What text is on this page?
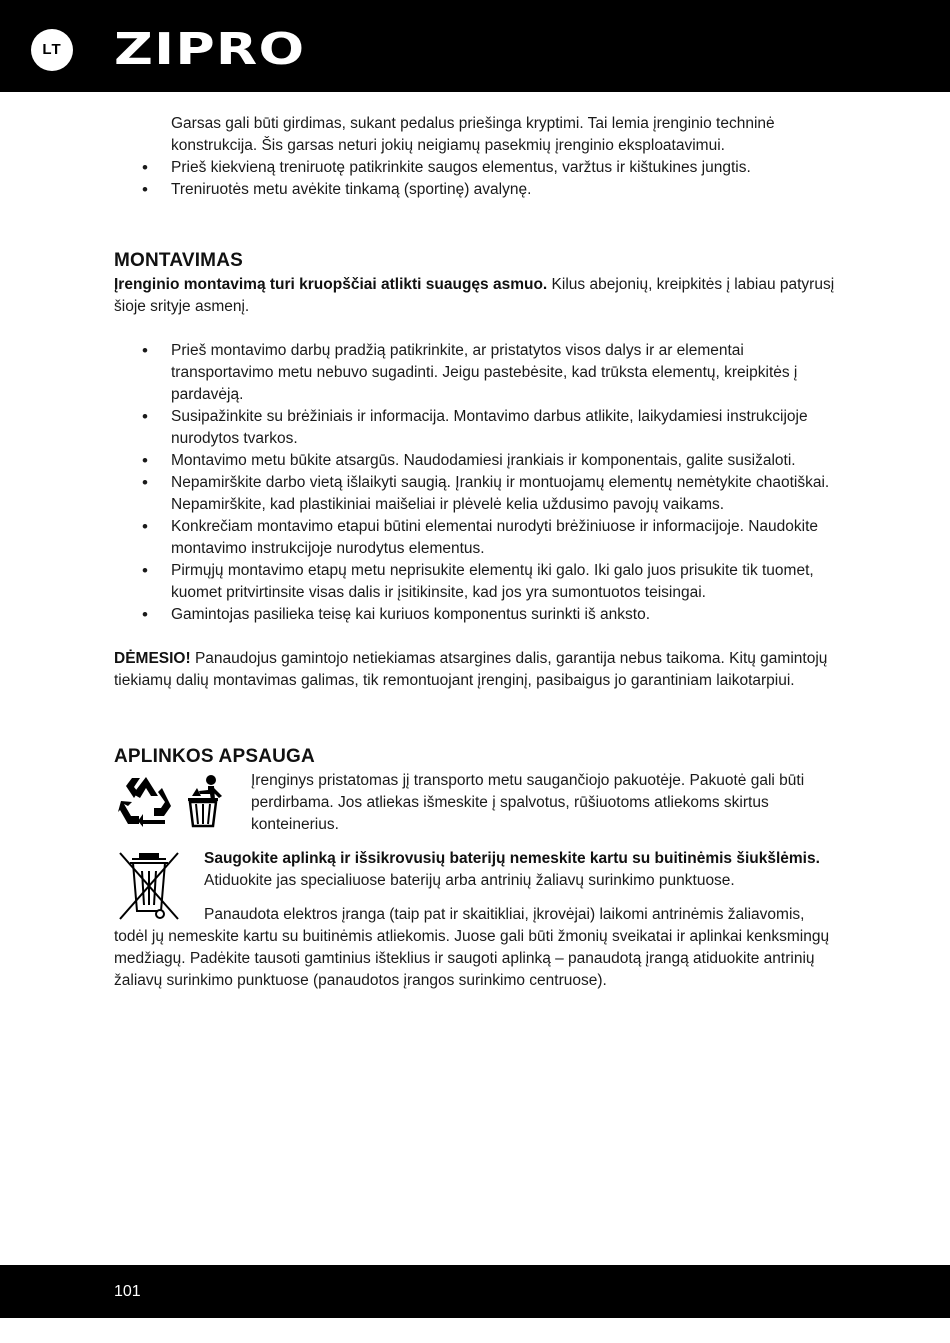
LT ZIPRO

Garsas gali būti girdimas, sukant pedalus priešinga kryptimi. Tai lemia įrenginio techninė konstrukcija. Šis garsas neturi jokių neigiamų pasekmių įrenginio eksploatavimui.

• Prieš kiekvieną treniruotę patikrinkite saugos elementus, varžtus ir kištukines jungtis.
• Treniruotės metu avėkite tinkamą (sportinę) avalynę.
MONTAVIMAS

Įrenginio montavimą turi kruopščiai atlikti suaugęs asmuo. Kilus abejonių, kreipkitės į labiau patyrusį šioje srityje asmenį.

• Prieš montavimo darbų pradžią patikrinkite, ar pristatytos visos dalys ir ar elementai transportavimo metu nebuvo sugadinti. Jeigu pastebėsite, kad trūksta elementų, kreipkitės į pardavėją.
• Susipažinkite su brėžiniais ir informacija. Montavimo darbus atlikite, laikydamiesi instrukcijoje nurodytos tvarkos.
• Montavimo metu būkite atsargūs. Naudodamiesi įrankiais ir komponentais, galite susižaloti.
• Nepamirškite darbo vietą išlaikyti saugią. Įrankių ir montuojamų elementų nemėtykite chaotiškai. Nepamirškite, kad plastikiniai maišeliai ir plėvelė kelia uždusimo pavojų vaikams.
• Konkrečiam montavimo etapui būtini elementai nurodyti brėžiniuose ir informacijoje. Naudokite montavimo instrukcijoje nurodytus elementus.
• Pirmųjų montavimo etapų metu neprisukite elementų iki galo. Iki galo juos prisukite tik tuomet, kuomet pritvirtinsite visas dalis ir įsitikinsite, kad jos yra sumontuotos teisingai.
• Gamintojas pasilieka teisę kai kuriuos komponentus surinkti iš anksto.

DĖMESIO! Panaudojus gamintojo netiekiamas atsargines dalis, garantija nebus taikoma. Kitų gamintojų tiekiamų dalių montavimas galimas, tik remontuojant įrenginį, pasibaigus jo garantiniam laikotarpiui.

APLINKOS APSAUGA

Įrenginys pristatomas jį transporto metu saugančiojo pakuotėje. Pakuotė gali būti perdirbama. Jos atliekas išmeskite į spalvotus, rūšiuotoms atliekoms skirtus konteinerius.

Saugokite aplinką ir išsikrovusių baterijų nemeskite kartu su buitinėmis šiukšlėmis. Atiduokite jas specialiuose baterijų arba antrinių žaliavų surinkimo punktuose.

Panaudota elektros įranga (taip pat ir skaitikliai, įkrovėjai) laikomi antrinėmis žaliavomis, todėl jų nemeskite kartu su buitinėmis atliekomis. Juose gali būti žmonių sveikatai ir aplinkai kenksmingų medžiagų. Padėkite tausoti gamtinius išteklius ir saugoti aplinką – panaudotą įrangą atiduokite antrinių žaliavų surinkimo punktuose (panaudotos įrangos surinkimo centruose).

101
